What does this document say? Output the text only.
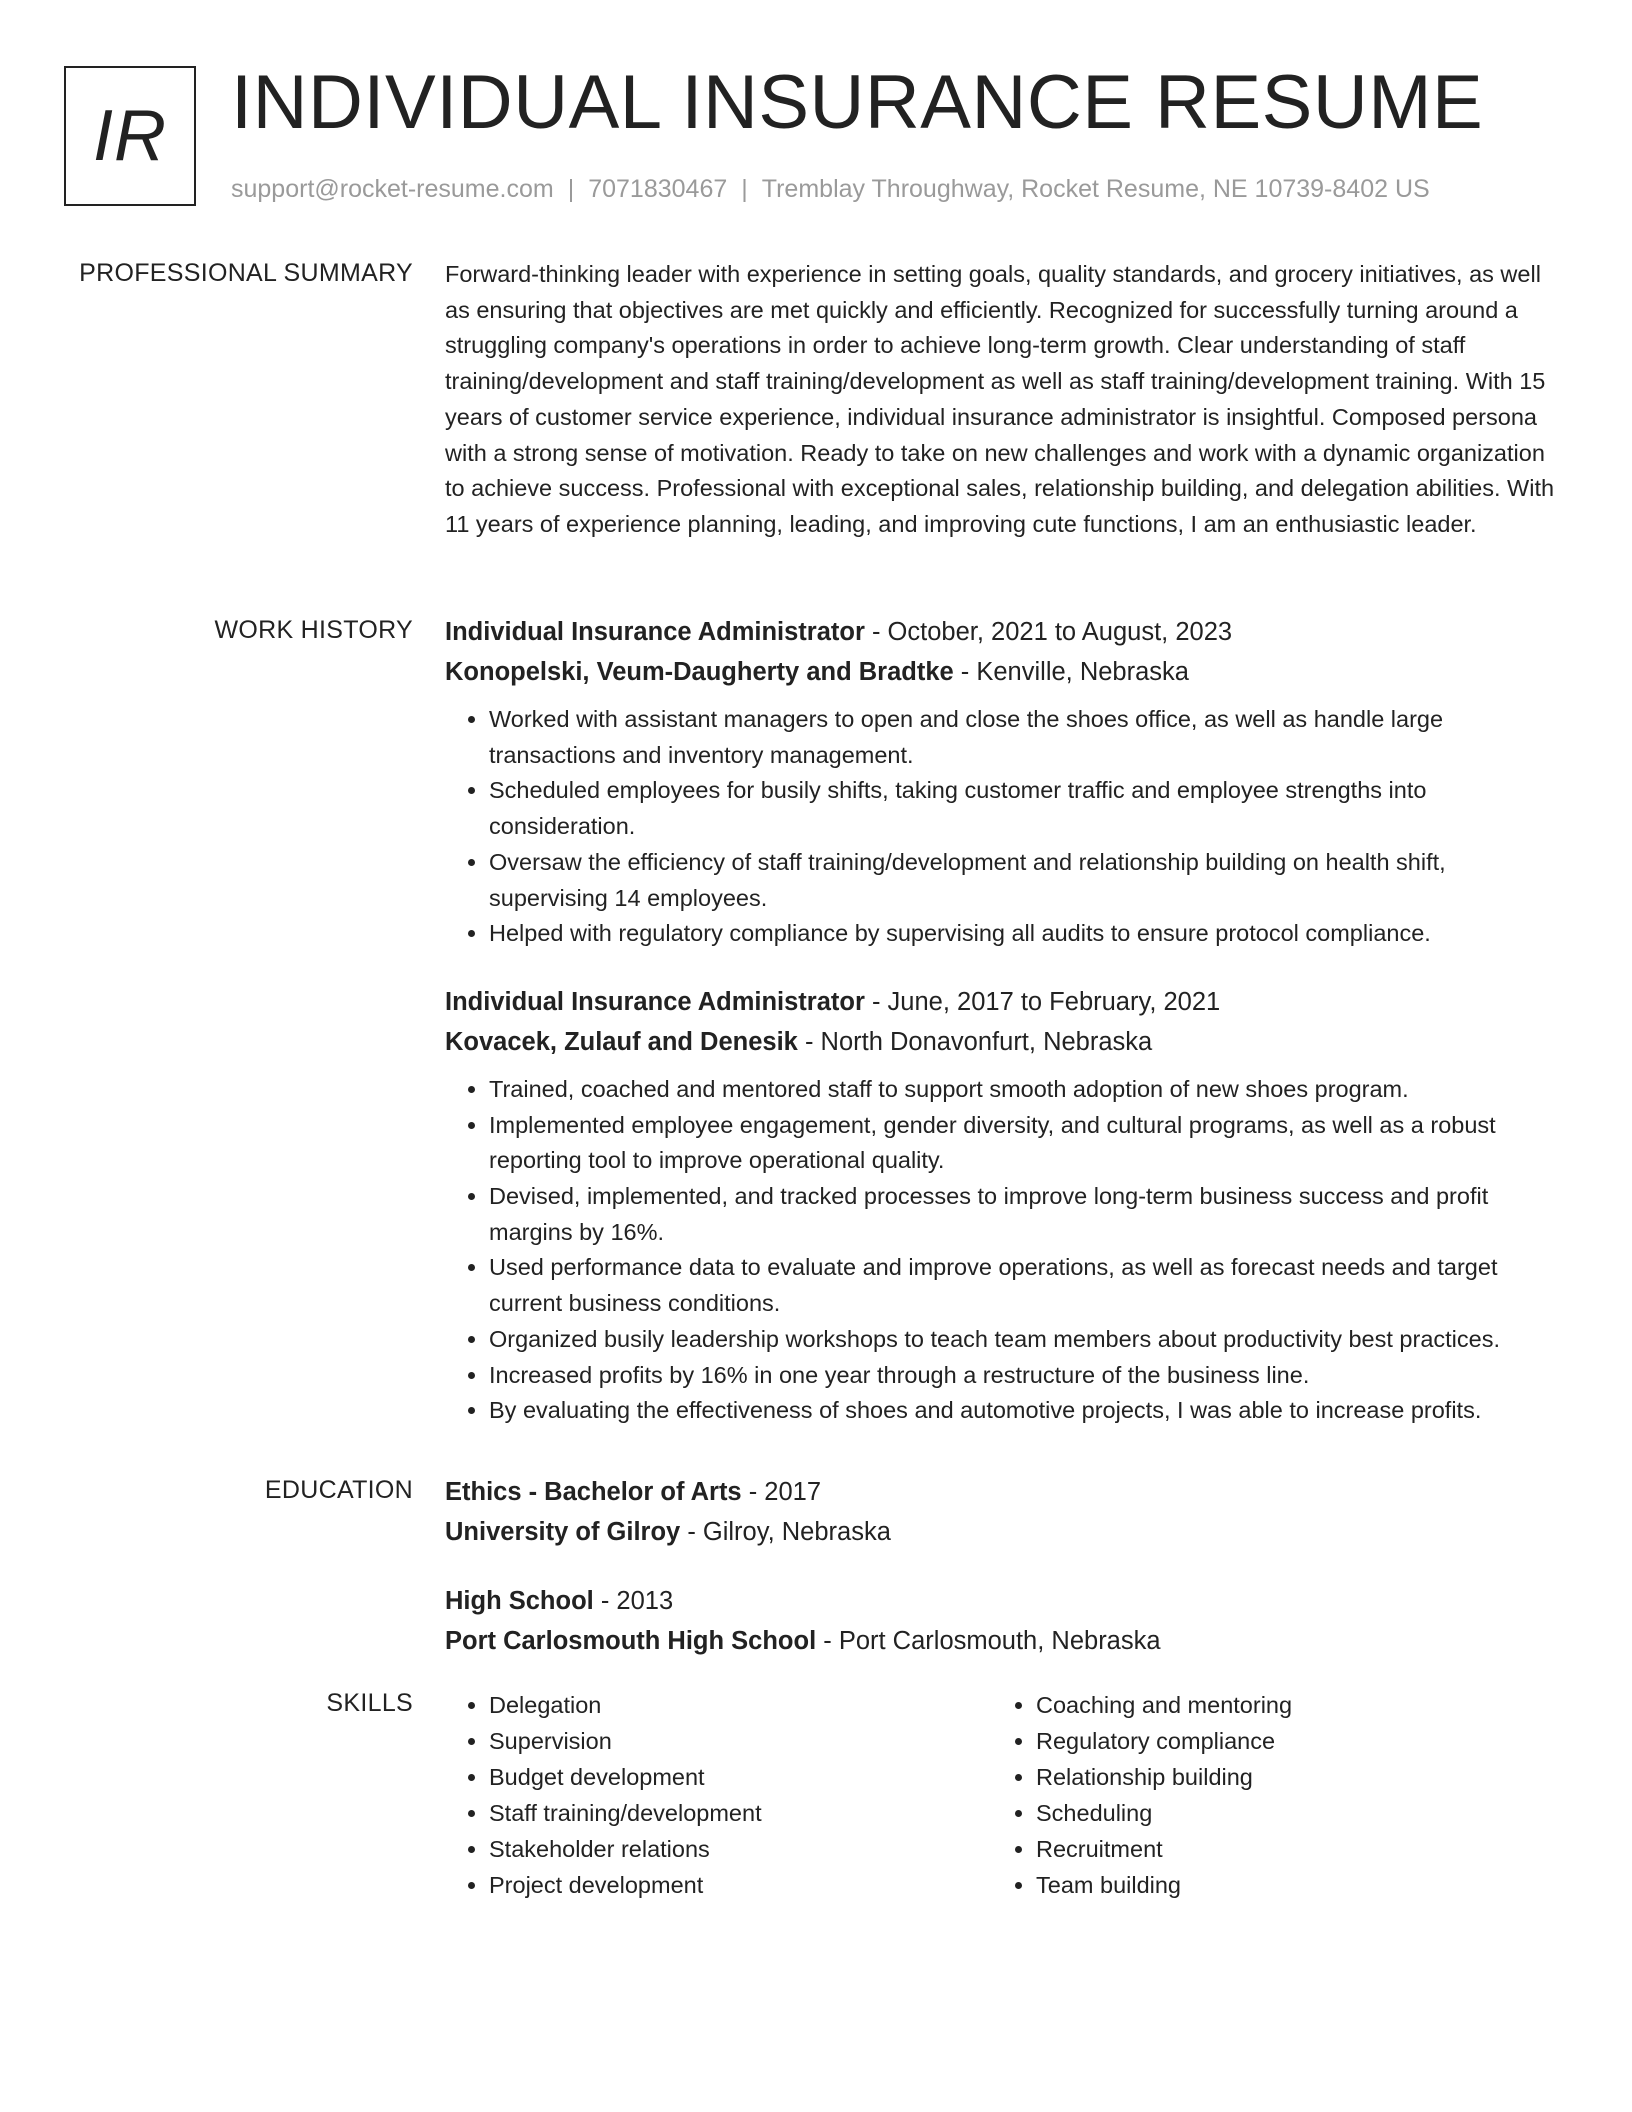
IR INDIVIDUAL INSURANCE RESUME
support@rocket-resume.com | 7071830467 | Tremblay Throughway, Rocket Resume, NE 10739-8402 US
PROFESSIONAL SUMMARY Forward-thinking leader with experience in setting goals, quality standards, and grocery initiatives, as well as ensuring that objectives are met quickly and efficiently. Recognized for successfully turning around a struggling company's operations in order to achieve long-term growth. Clear understanding of staff training/development and staff training/development as well as staff training/development training. With 15 years of customer service experience, individual insurance administrator is insightful. Composed persona with a strong sense of motivation. Ready to take on new challenges and work with a dynamic organization to achieve success. Professional with exceptional sales, relationship building, and delegation abilities. With 11 years of experience planning, leading, and improving cute functions, I am an enthusiastic leader.

WORK HISTORY Individual Insurance Administrator - October, 2021 to August, 2023
Konopelski, Veum-Daugherty and Bradtke - Kenville, Nebraska
• Worked with assistant managers to open and close the shoes office, as well as handle large transactions and inventory management.
• Scheduled employees for busily shifts, taking customer traffic and employee strengths into consideration.
• Oversaw the efficiency of staff training/development and relationship building on health shift, supervising 14 employees.
• Helped with regulatory compliance by supervising all audits to ensure protocol compliance.
Individual Insurance Administrator - June, 2017 to February, 2021
Kovacek, Zulauf and Denesik - North Donavonfurt, Nebraska
• Trained, coached and mentored staff to support smooth adoption of new shoes program.
• Implemented employee engagement, gender diversity, and cultural programs, as well as a robust reporting tool to improve operational quality.
• Devised, implemented, and tracked processes to improve long-term business success and profit margins by 16%.
• Used performance data to evaluate and improve operations, as well as forecast needs and target current business conditions.
• Organized busily leadership workshops to teach team members about productivity best practices.
• Increased profits by 16% in one year through a restructure of the business line.
• By evaluating the effectiveness of shoes and automotive projects, I was able to increase profits.
EDUCATION Ethics - Bachelor of Arts - 2017
University of Gilroy - Gilroy, Nebraska
High School - 2013
Port Carlosmouth High School - Port Carlosmouth, Nebraska
SKILLS
•	Delegation
• Supervision
• Budget development
• Staff training/development
• Stakeholder relations
• Project development
• Coaching and mentoring
• Regulatory compliance
• Relationship building
• Scheduling
• Recruitment
• Team building
